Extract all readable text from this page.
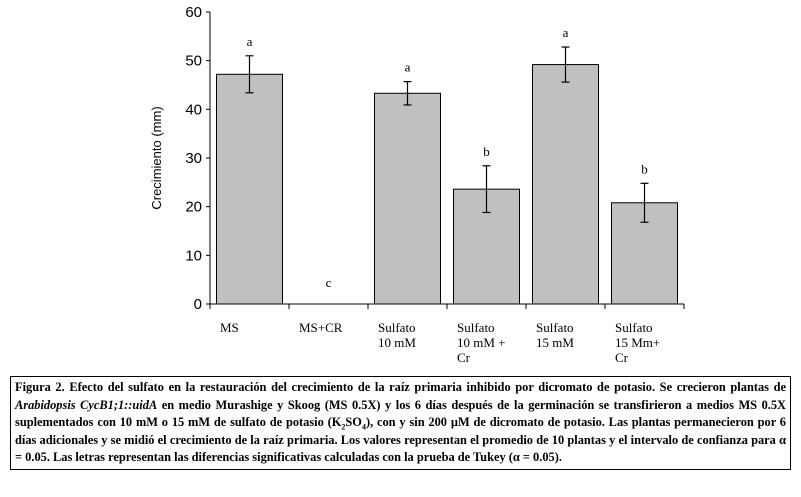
0
10
20
30
40
50
60
a
MS
c
MS+CR
a
Sulfato
10 mM
b
Sulfato
10 mM +
Cr
a
Sulfato
15 mM
b
Sulfato
15 Mm+
Cr
Crecimiento (mm)

Figura 2. Efecto del sulfato en la restauración del crecimiento de la raíz primaria inhibido por dicromato de potasio. Se crecieron plantas de Arabidopsis CycB1;1::uidA en medio Murashige y Skoog (MS 0.5X) y los 6 días después de la germinación se transfirieron a medios MS 0.5X suplementados con 10 mM o 15 mM de sulfato de potasio $(K_2SO_4)$, con y sin 200 µM de dicromato de potasio. Las plantas permanecieron por 6 días adicionales y se midió el crecimiento de la raíz primaria. Los valores representan el promedio de 10 plantas y el intervalo de confianza para α = 0.05. Las letras representan las diferencias significativas calculadas con la prueba de Tukey (α = 0.05).
